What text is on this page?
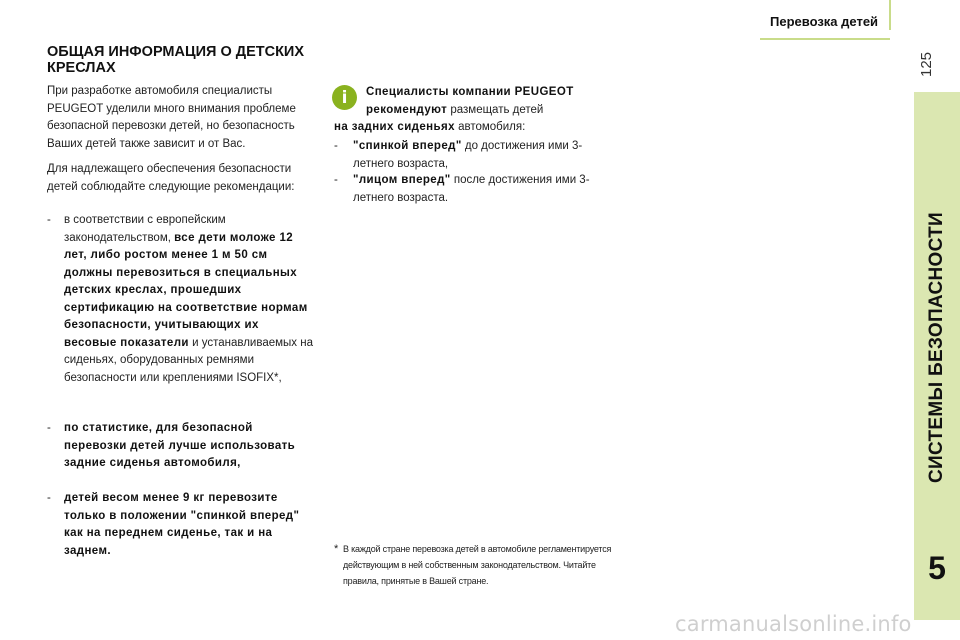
Перевозка детей
125
СИСТЕМЫ БЕЗОПАСНОСТИ
5
ОБЩАЯ ИНФОРМАЦИЯ О ДЕТСКИХ КРЕСЛАХ
При разработке автомобиля специалисты PEUGEOT уделили много внимания проблеме безопасной перевозки детей, но безопасность Ваших детей также зависит и от Вас.
Для надлежащего обеспечения безопасности детей соблюдайте следующие рекомендации:
- в соответствии с европейским законодательством, все дети моложе 12 лет, либо ростом менее 1 м 50 см должны перевозиться в специальных детских креслах, прошедших сертификацию на соответствие нормам безопасности, учитывающих их весовые показатели и устанавливаемых на сиденьях, оборудованных ремнями безопасности или креплениями ISOFIX*,
- по статистике, для безопасной перевозки детей лучше использовать задние сиденья автомобиля,
- детей весом менее 9 кг перевозите только в положении "спинкой вперед" как на переднем сиденье, так и на заднем.
i	Специалисты компании PEUGEOT рекомендуют размещать детей
на задних сиденьях автомобиля:
- "спинкой вперед" до достижения ими 3-летнего возраста,
- "лицом вперед" после достижения ими 3-летнего возраста.
* В каждой стране перевозка детей в автомобиле регламентируется действующим в ней собственным законодательством. Читайте правила, принятые в Вашей стране.
carmanualsonline.info
